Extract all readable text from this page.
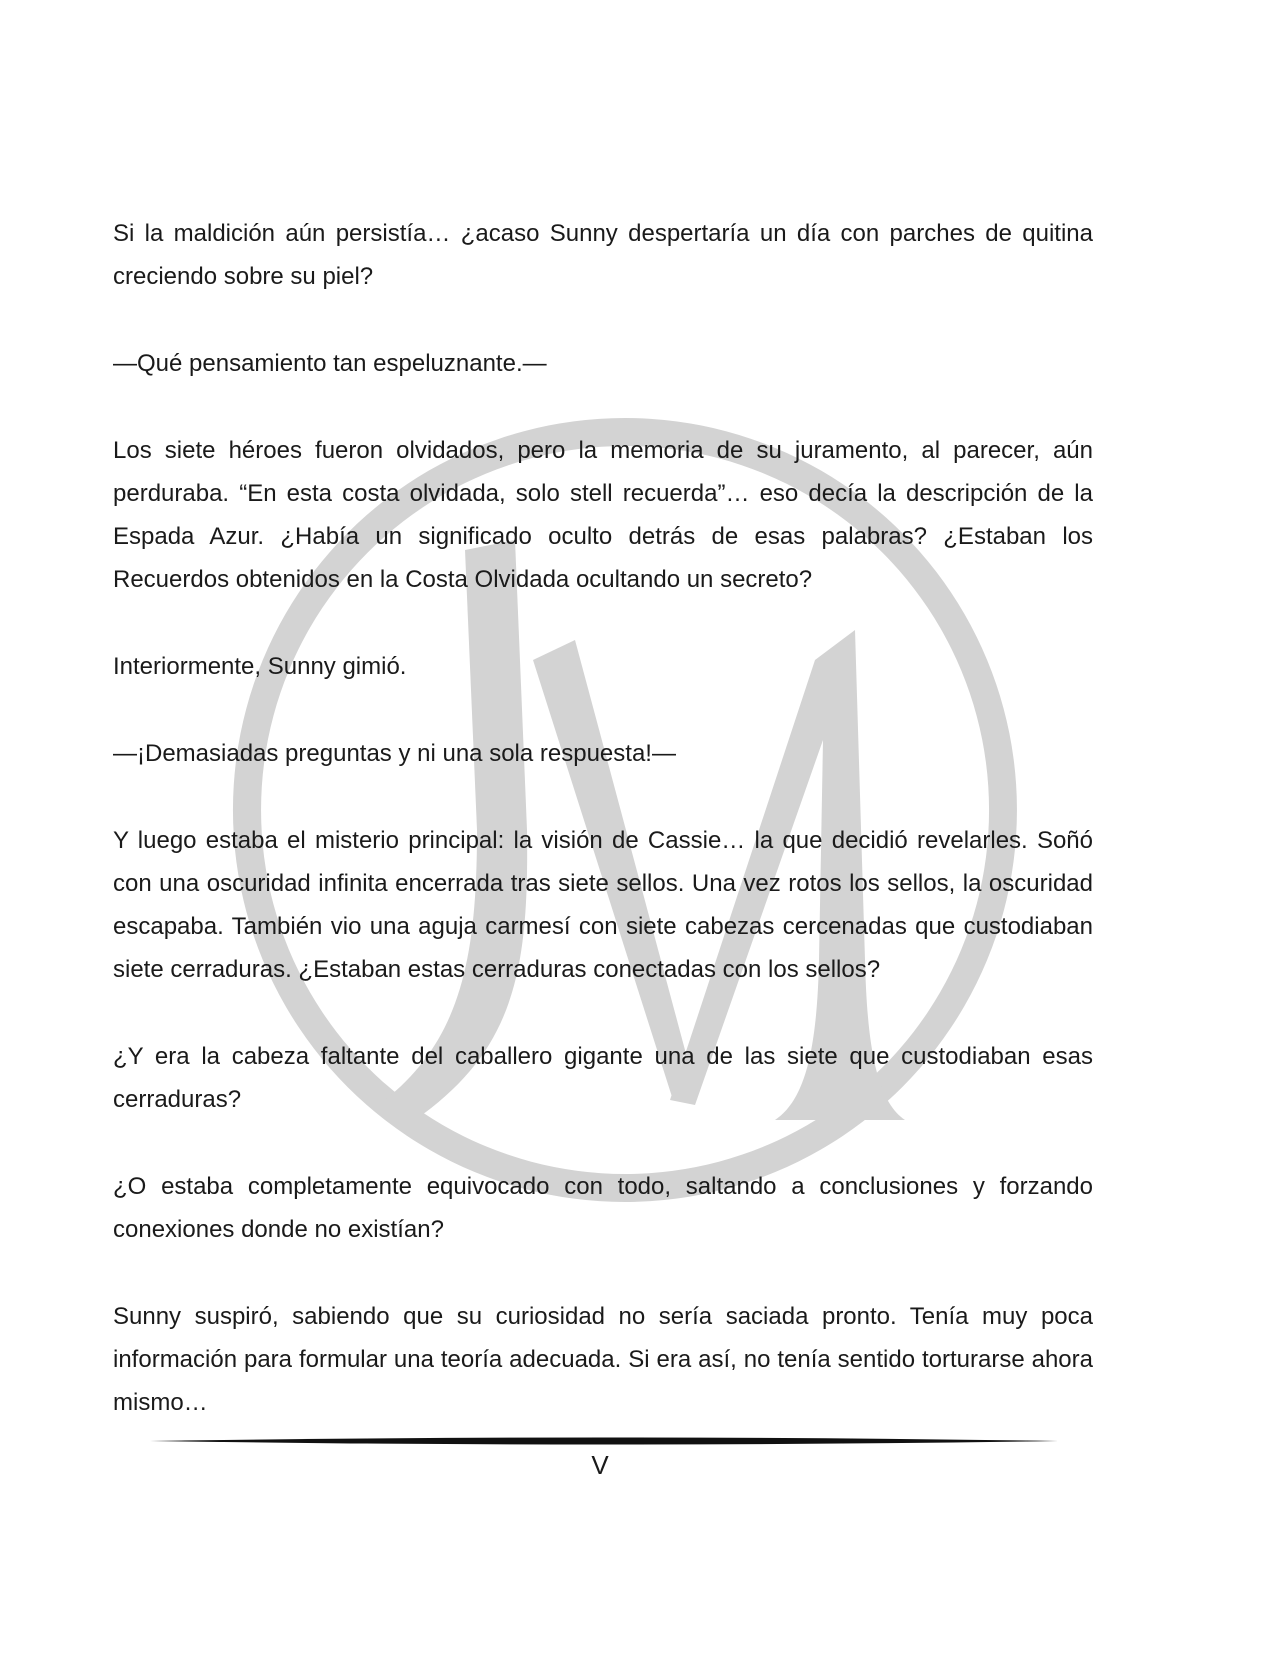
Si la maldición aún persistía… ¿acaso Sunny despertaría un día con parches de quitina creciendo sobre su piel?

—Qué pensamiento tan espeluznante.—

Los siete héroes fueron olvidados, pero la memoria de su juramento, al parecer, aún perduraba. “En esta costa olvidada, solo stell recuerda”… eso decía la descripción de la Espada Azur. ¿Había un significado oculto detrás de esas palabras? ¿Estaban los Recuerdos obtenidos en la Costa Olvidada ocultando un secreto?

Interiormente, Sunny gimió.

—¡Demasiadas preguntas y ni una sola respuesta!—

Y luego estaba el misterio principal: la visión de Cassie… la que decidió revelarles. Soñó con una oscuridad infinita encerrada tras siete sellos. Una vez rotos los sellos, la oscuridad escapaba. También vio una aguja carmesí con siete cabezas cercenadas que custodiaban siete cerraduras. ¿Estaban estas cerraduras conectadas con los sellos?

¿Y era la cabeza faltante del caballero gigante una de las siete que custodiaban esas cerraduras?

¿O estaba completamente equivocado con todo, saltando a conclusiones y forzando conexiones donde no existían?

Sunny suspiró, sabiendo que su curiosidad no sería saciada pronto. Tenía muy poca información para formular una teoría adecuada. Si era así, no tenía sentido torturarse ahora mismo…

V
